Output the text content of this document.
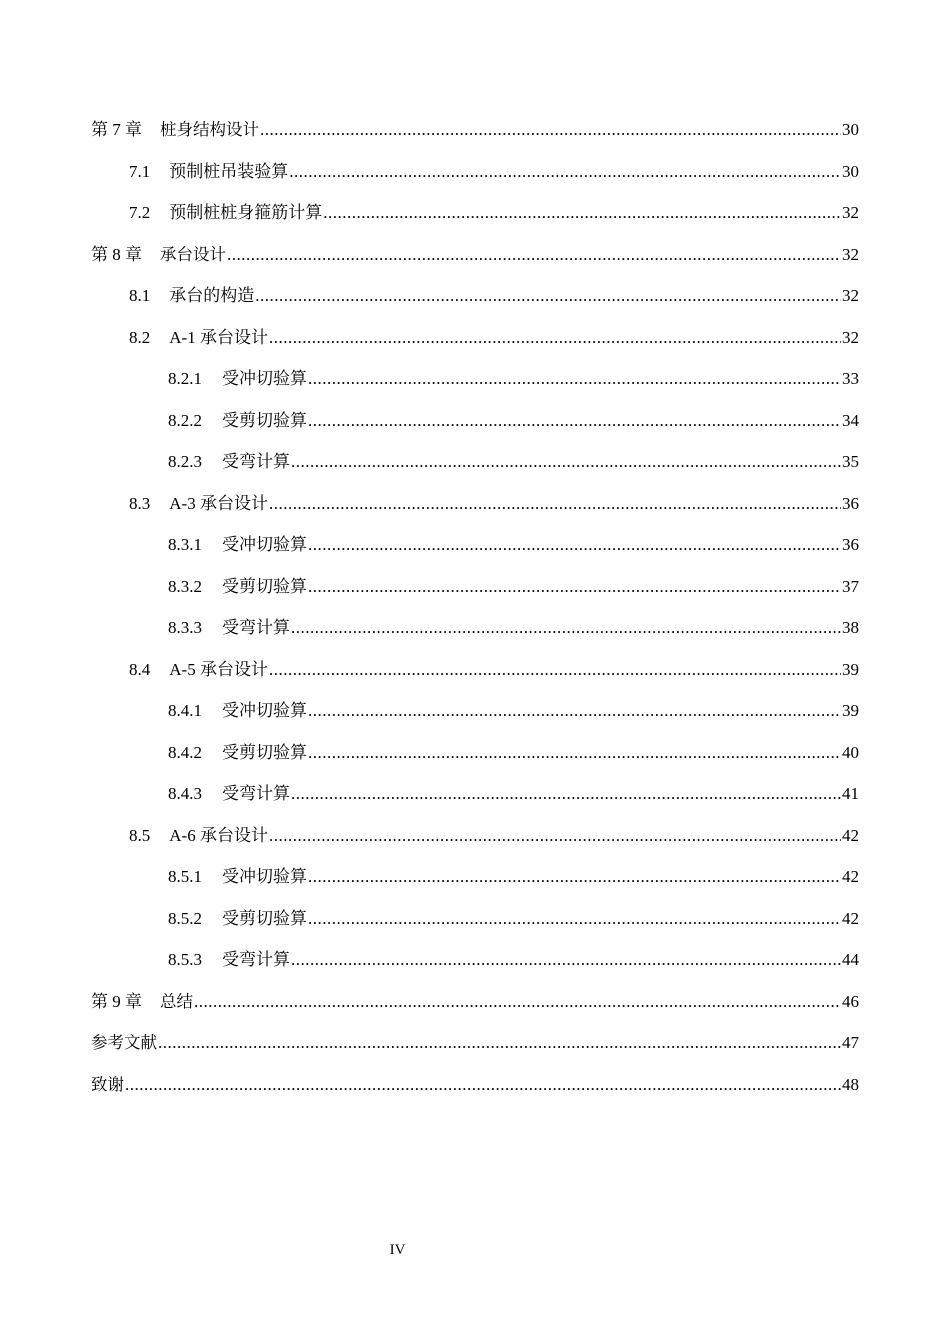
第 7 章 桩身结构设计 .....	30
7.1 预制桩吊装验算 .....	30
7.2 预制桩桩身箍筋计算 .....	32
第 8 章 承台设计 .....	32
8.1 承台的构造 .....	32
8.2 A-1 承台设计 .....	32
8.2.1 受冲切验算 .....	33
8.2.2 受剪切验算 .....	34
8.2.3 受弯计算 .....	35
8.3 A-3 承台设计 .....	36
8.3.1 受冲切验算 .....	36
8.3.2 受剪切验算 .....	37
8.3.3 受弯计算 .....	38
8.4 A-5 承台设计 .....	39
8.4.1 受冲切验算 .....	39
8.4.2 受剪切验算 .....	40
8.4.3 受弯计算 .....	41
8.5 A-6 承台设计 .....	42
8.5.1 受冲切验算 .....	42
8.5.2 受剪切验算 .....	42
8.5.3 受弯计算 .....	44
第 9 章 总结 .....	46
参考文献 .....	47
致谢 .....	48
IV
